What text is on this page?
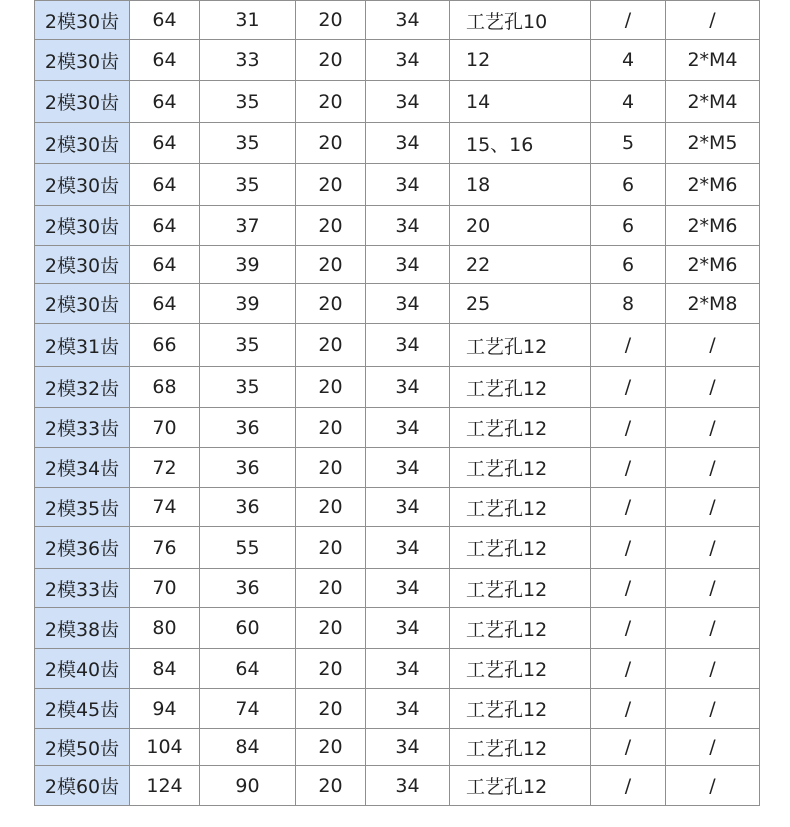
2模30齿	64	31	20	34	工艺孔10	/	/
2模30齿	64	33	20	34	12	4	2*M4
2模30齿	64	35	20	34	14	4	2*M4
2模30齿	64	35	20	34	15、16	5	2*M5
2模30齿	64	35	20	34	18	6	2*M6
2模30齿	64	37	20	34	20	6	2*M6
2模30齿	64	39	20	34	22	6	2*M6
2模30齿	64	39	20	34	25	8	2*M8
2模31齿	66	35	20	34	工艺孔12	/	/
2模32齿	68	35	20	34	工艺孔12	/	/
2模33齿	70	36	20	34	工艺孔12	/	/
2模34齿	72	36	20	34	工艺孔12	/	/
2模35齿	74	36	20	34	工艺孔12	/	/
2模36齿	76	55	20	34	工艺孔12	/	/
2模33齿	70	36	20	34	工艺孔12	/	/
2模38齿	80	60	20	34	工艺孔12	/	/
2模40齿	84	64	20	34	工艺孔12	/	/
2模45齿	94	74	20	34	工艺孔12	/	/
2模50齿	104	84	20	34	工艺孔12	/	/
2模60齿	124	90	20	34	工艺孔12	/	/
